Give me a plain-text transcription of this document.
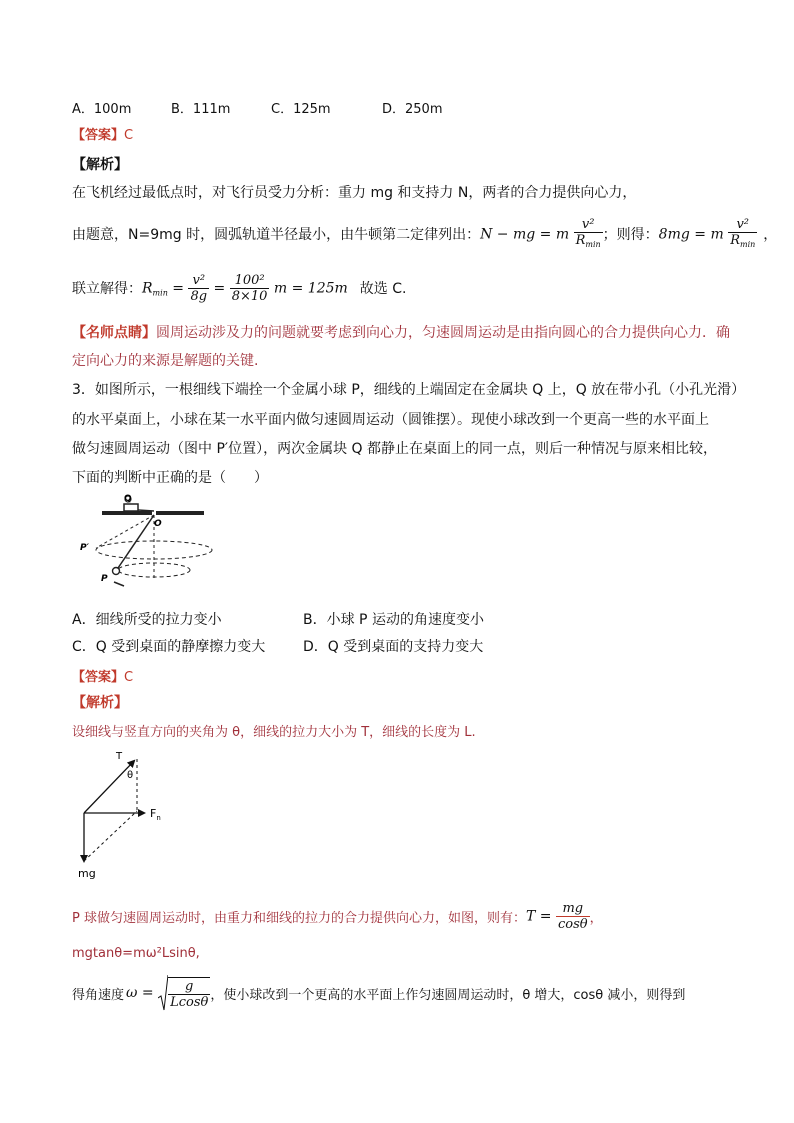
A．100m	B．111m	C．125m	D．250m
【答案】C
【解析】
在飞机经过最低点时，对飞行员受力分析：重力 mg 和支持力 N，两者的合力提供向心力，
由题意，N=9mg 时，圆弧轨道半径最小，由牛顿第二定律列出： N − mg = m $\frac{\text{v²}}{R_{min}}$ ；则得： 8mg = m $\frac{\text{v²}}{R_{min}}$ ，
联立解得： $R_{min} = \frac{\text{v²}}{8g} = \frac{\text{100²}}{8\times 10}$ m = 125m 故选 C.
【名师点睛】圆周运动涉及力的问题就要考虑到向心力，匀速圆周运动是由指向圆心的合力提供向心力．确
定向心力的来源是解题的关键.
3．如图所示，一根细线下端拴一个金属小球 P，细线的上端固定在金属块 Q 上，Q 放在带小孔（小孔光滑）
的水平桌面上，小球在某一水平面内做匀速圆周运动（圆锥摆）。现使小球改到一个更高一些的水平面上
做匀速圆周运动（图中 P′位置），两次金属块 Q 都静止在桌面上的同一点，则后一种情况与原来相比较，
下面的判断中正确的是（　　）
Q
O
P′
P
A．细线所受的拉力变小	B．小球 P 运动的角速度变小
C．Q 受到桌面的静摩擦力变大	D．Q 受到桌面的支持力变大
【答案】C
【解析】
设细线与竖直方向的夹角为 θ，细线的拉力大小为 T，细线的长度为 L.
T
θ
$F_n$
mg
P 球做匀速圆周运动时，由重力和细线的拉力的合力提供向心力，如图，则有： $T = \frac{mg}{\cos\theta}$ ，
mgtanθ=mω²Lsinθ,
得角速度 $\omega = \frac{g}{Lcos\theta}$ ，使小球改到一个更高的水平面上作匀速圆周运动时，θ 增大，cosθ 减小，则得到
